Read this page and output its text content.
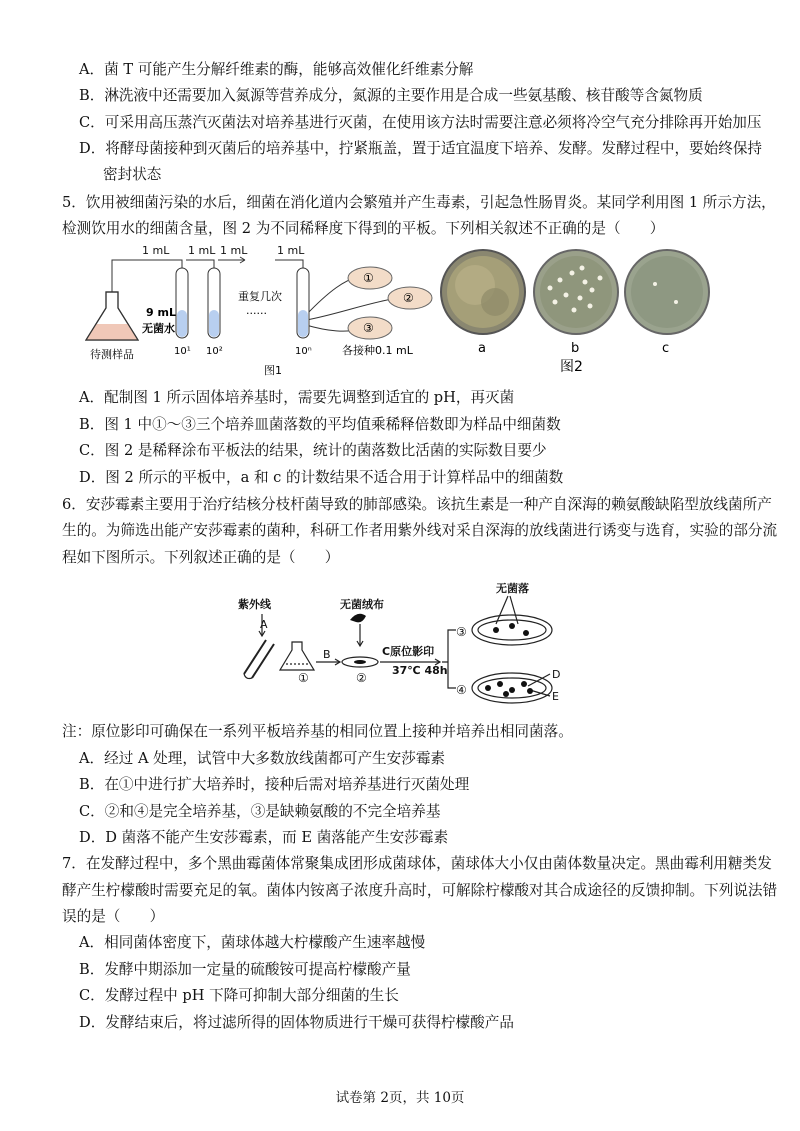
A．菌 T 可能产生分解纤维素的酶，能够高效催化纤维素分解
B．淋洗液中还需要加入氮源等营养成分，氮源的主要作用是合成一些氨基酸、核苷酸等含氮物质
C．可采用高压蒸汽灭菌法对培养基进行灭菌，在使用该方法时需要注意必须将冷空气充分排除再开始加压
D．将酵母菌接种到灭菌后的培养基中，拧紧瓶盖，置于适宜温度下培养、发酵。发酵过程中，要始终保持
密封状态
5．饮用被细菌污染的水后，细菌在消化道内会繁殖并产生毒素，引起急性肠胃炎。某同学利用图 1 所示方法，
检测饮用水的细菌含量，图 2 为不同稀释度下得到的平板。下列相关叙述不正确的是（　　）
1 mL 1 mL 1 mL	1 mL
待测样品
9 mL
无菌水
10¹ 10²	10ⁿ
重复几次
......
①
②
③
各接种0.1 mL
图1
a	b	c
图2
A．配制图 1 所示固体培养基时，需要先调整到适宜的 pH，再灭菌
B．图 1 中①～③三个培养皿菌落数的平均值乘稀释倍数即为样品中细菌数
C．图 2 是稀释涂布平板法的结果，统计的菌落数比活菌的实际数目要少
D．图 2 所示的平板中，a 和 c 的计数结果不适合用于计算样品中的细菌数
6．安莎霉素主要用于治疗结核分枝杆菌导致的肺部感染。该抗生素是一种产自深海的赖氨酸缺陷型放线菌所产
生的。为筛选出能产安莎霉素的菌种，科研工作者用紫外线对采自深海的放线菌进行诱变与选育，实验的部分流
程如下图所示。下列叙述正确的是（　　）
紫外线
A
B
无菌绒布
C原位影印
37℃ 48h
无菌落
①	②
③
④
D
E
注：原位影印可确保在一系列平板培养基的相同位置上接种并培养出相同菌落。
A．经过 A 处理，试管中大多数放线菌都可产生安莎霉素
B．在①中进行扩大培养时，接种后需对培养基进行灭菌处理
C．②和④是完全培养基，③是缺赖氨酸的不完全培养基
D．D 菌落不能产生安莎霉素，而 E 菌落能产生安莎霉素
7．在发酵过程中，多个黑曲霉菌体常聚集成团形成菌球体，菌球体大小仅由菌体数量决定。黑曲霉利用糖类发
酵产生柠檬酸时需要充足的氧。菌体内铵离子浓度升高时，可解除柠檬酸对其合成途径的反馈抑制。下列说法错
误的是（　　）
A．相同菌体密度下，菌球体越大柠檬酸产生速率越慢
B．发酵中期添加一定量的硫酸铵可提高柠檬酸产量
C．发酵过程中 pH 下降可抑制大部分细菌的生长
D．发酵结束后，将过滤所得的固体物质进行干燥可获得柠檬酸产品
试卷第 2页，共 10页
